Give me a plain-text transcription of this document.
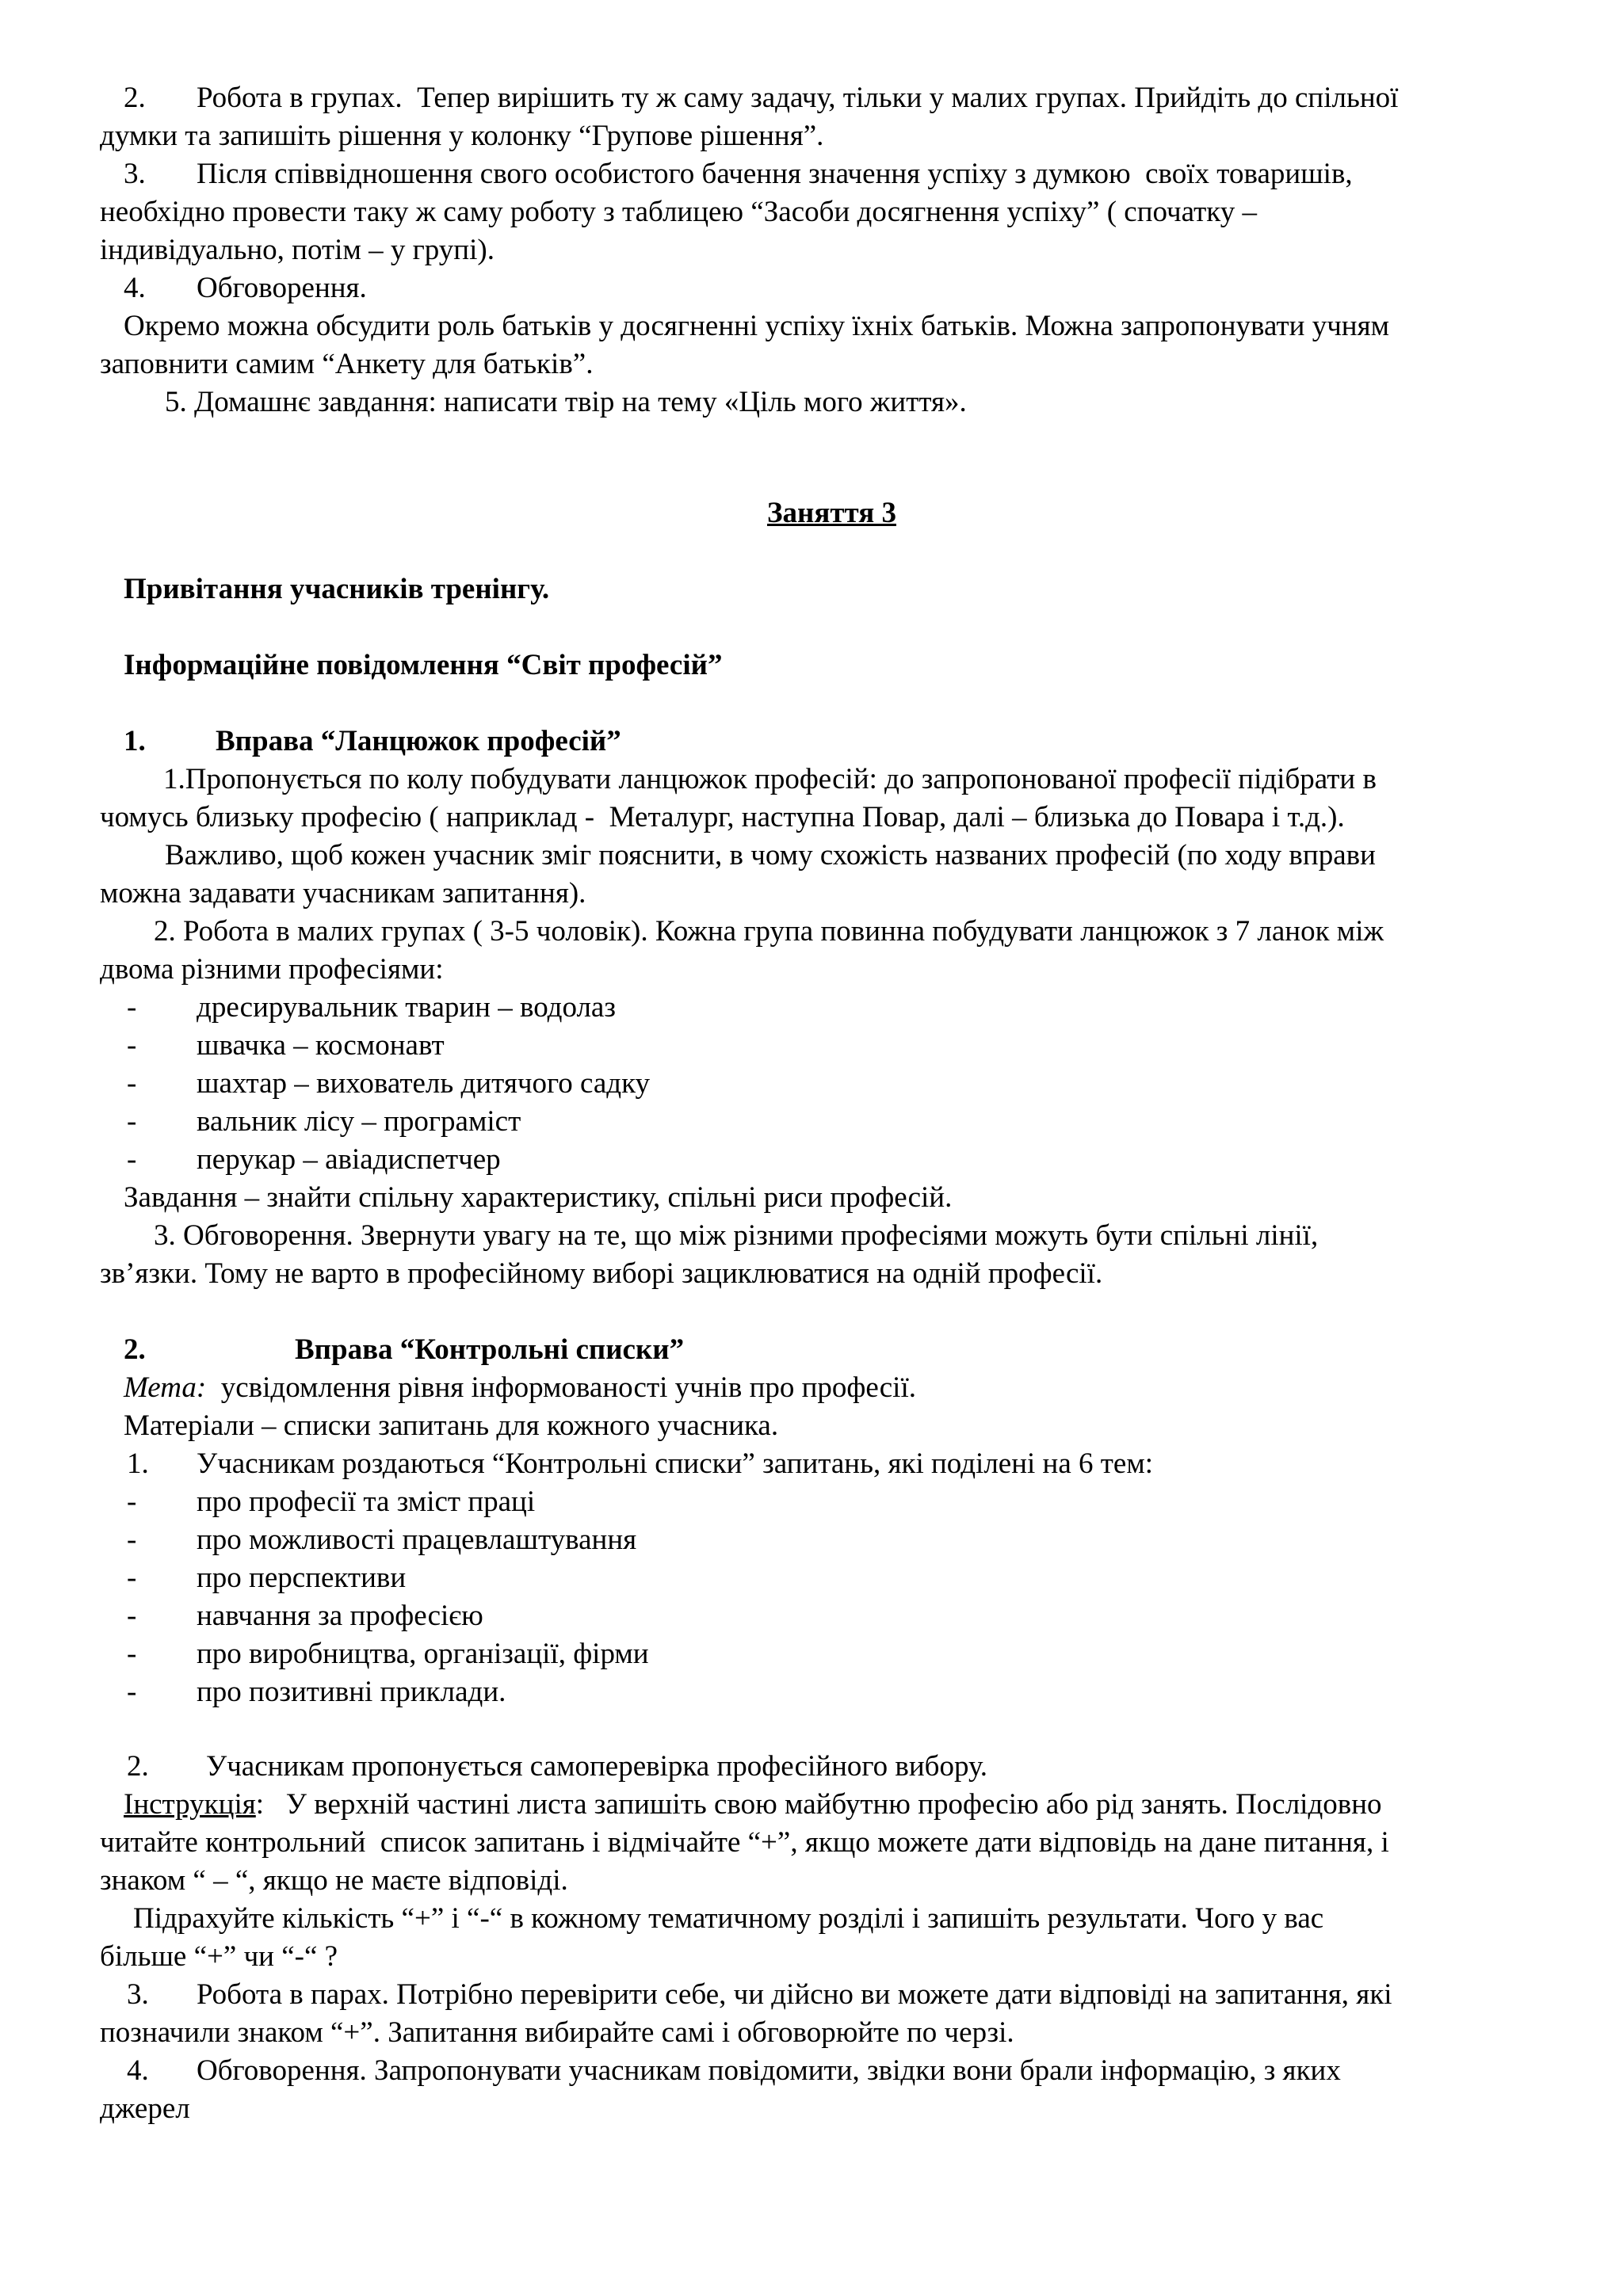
2.	Робота в групах.  Тепер вирішить ту ж саму задачу, тільки у малих групах. Прийдіть до спільної
думки та запишіть рішення у колонку “Групове рішення”.
3.	Після співвідношення свого особистого бачення значення успіху з думкою  своїх товаришів,
необхідно провести таку ж саму роботу з таблицею “Засоби досягнення успіху” ( спочатку –
індивідуально, потім – у групі).
4.	Обговорення.
Окремо можна обсудити роль батьків у досягненні успіху їхніх батьків. Можна запропонувати учням
заповнити самим “Анкету для батьків”.
5. Домашнє завдання: написати твір на тему «Ціль мого життя».
Заняття 3
Привітання учасників тренінгу.
Інформаційне повідомлення “Світ професій”
1.	Вправа “Ланцюжок професій”
1.Пропонується по колу побудувати ланцюжок професій: до запропонованої професії підібрати в
чомусь близьку професію ( наприклад -  Металург, наступна Повар, далі – близька до Повара і т.д.).
Важливо, щоб кожен учасник зміг пояснити, в чому схожість названих професій (по ходу вправи
можна задавати учасникам запитання).
2. Робота в малих групах ( 3-5 чоловік). Кожна група повинна побудувати ланцюжок з 7 ланок між
двома різними професіями:
-	дресирувальник тварин – водолаз
-	швачка – космонавт
-	шахтар – вихователь дитячого садку
-	вальник лісу – програміст
-	перукар – авіадиспетчер
Завдання – знайти спільну характеристику, спільні риси професій.
3. Обговорення. Звернути увагу на те, що між різними професіями можуть бути спільні лінії,
зв’язки. Тому не варто в професійному виборі зациклюватися на одній професії.
2.	Вправа “Контрольні списки”
Мета:  усвідомлення рівня інформованості учнів про професії.
Матеріали – списки запитань для кожного учасника.
1.	Учасникам роздаються “Контрольні списки” запитань, які поділені на 6 тем:
-	про професії та зміст праці
-	про можливості працевлаштування
-	про перспективи
-	навчання за професією
-	про виробництва, організації, фірми
-	про позитивні приклади.
2.	Учасникам пропонується самоперевірка професійного вибору.
Інструкція:   У верхній частині листа запишіть свою майбутню професію або рід занять. Послідовно
читайте контрольний  список запитань і відмічайте “+”, якщо можете дати відповідь на дане питання, і
знаком “ – “, якщо не маєте відповіді.
Підрахуйте кількість “+” і “-“ в кожному тематичному розділі і запишіть результати. Чого у вас
більше “+” чи “-“ ?
3.	Робота в парах. Потрібно перевірити себе, чи дійсно ви можете дати відповіді на запитання, які
позначили знаком “+”. Запитання вибирайте самі і обговорюйте по черзі.
4.	Обговорення. Запропонувати учасникам повідомити, звідки вони брали інформацію, з яких
джерел
